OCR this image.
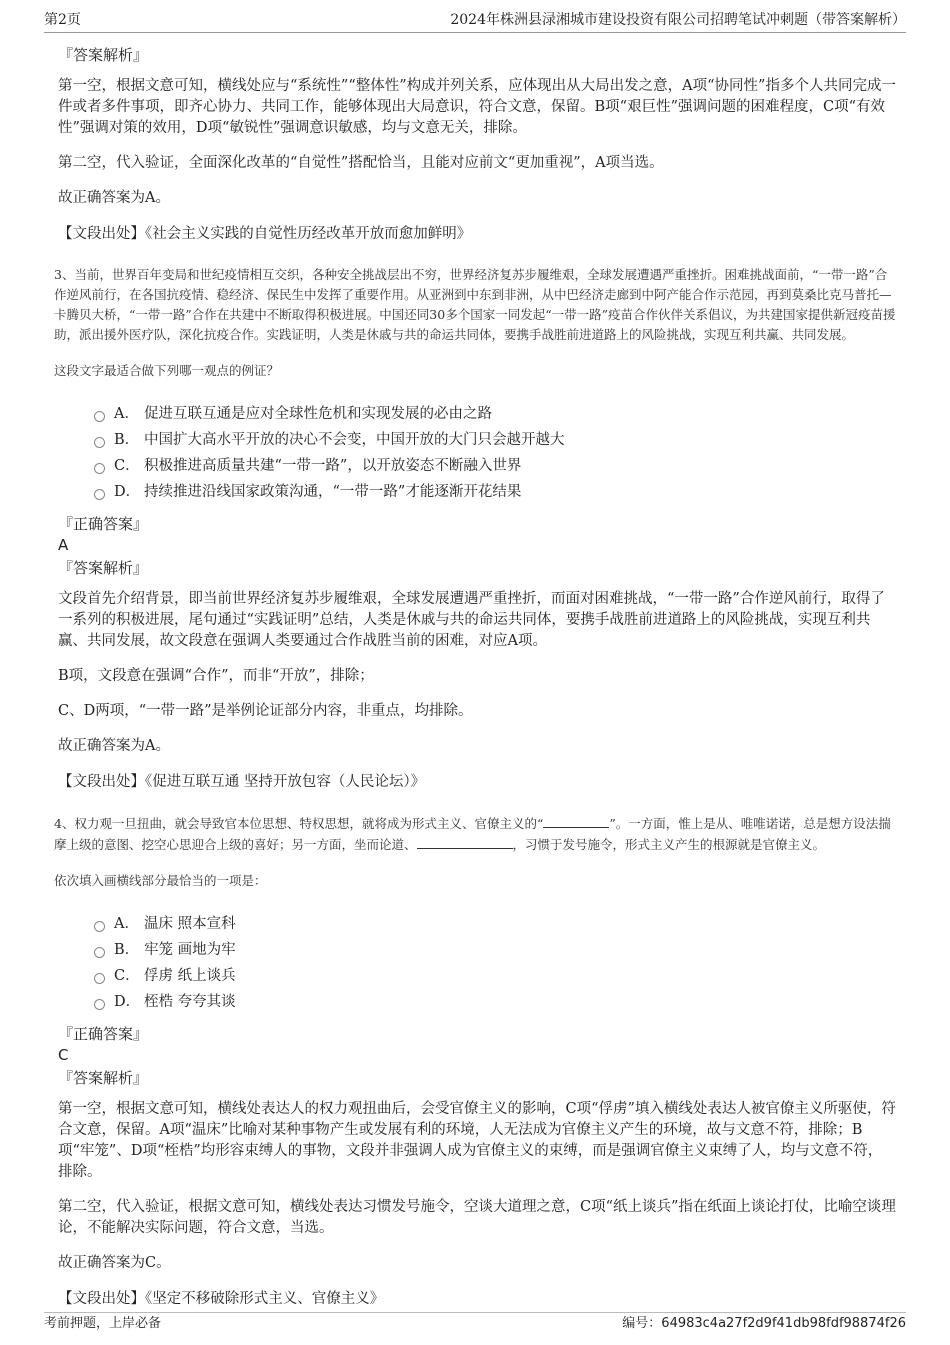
第2页	2024年株洲县渌湘城市建设投资有限公司招聘笔试冲刺题（带答案解析）
『答案解析』
第一空，根据文意可知，横线处应与“系统性”“整体性”构成并列关系，应体现出从大局出发之意，A项“协同性”指多个人共同完成一件或者多件事项，即齐心协力、共同工作，能够体现出大局意识，符合文意，保留。B项“艰巨性”强调问题的困难程度，C项“有效性”强调对策的效用，D项“敏锐性”强调意识敏感，均与文意无关，排除。
第二空，代入验证，全面深化改革的“自觉性”搭配恰当，且能对应前文“更加重视”，A项当选。
故正确答案为A。
【文段出处】《社会主义实践的自觉性历经改革开放而愈加鲜明》
3、当前，世界百年变局和世纪疫情相互交织，各种安全挑战层出不穷，世界经济复苏步履维艰，全球发展遭遇严重挫折。困难挑战面前，“一带一路”合作逆风前行，在各国抗疫情、稳经济、保民生中发挥了重要作用。从亚洲到中东到非洲，从中巴经济走廊到中阿产能合作示范园，再到莫桑比克马普托—卡腾贝大桥，“一带一路”合作在共建中不断取得积极进展。中国还同30多个国家一同发起“一带一路”疫苗合作伙伴关系倡议，为共建国家提供新冠疫苗援助，派出援外医疗队，深化抗疫合作。实践证明，人类是休戚与共的命运共同体，要携手战胜前进道路上的风险挑战，实现互利共赢、共同发展。
这段文字最适合做下列哪一观点的例证？
A． 促进互联互通是应对全球性危机和实现发展的必由之路
B． 中国扩大高水平开放的决心不会变，中国开放的大门只会越开越大
C． 积极推进高质量共建“一带一路”，以开放姿态不断融入世界
D． 持续推进沿线国家政策沟通，“一带一路”才能逐渐开花结果
『正确答案』
A
『答案解析』
文段首先介绍背景，即当前世界经济复苏步履维艰，全球发展遭遇严重挫折，而面对困难挑战，“一带一路”合作逆风前行，取得了一系列的积极进展，尾句通过“实践证明”总结，人类是休戚与共的命运共同体，要携手战胜前进道路上的风险挑战，实现互利共赢、共同发展，故文段意在强调人类要通过合作战胜当前的困难，对应A项。
B项，文段意在强调“合作”，而非“开放”，排除；
C、D两项，“一带一路”是举例论证部分内容，非重点，均排除。
故正确答案为A。
【文段出处】《促进互联互通 坚持开放包容（人民论坛）》
4、权力观一旦扭曲，就会导致官本位思想、特权思想，就将成为形式主义、官僚主义的“	”。一方面，惟上是从、唯唯诺诺，总是想方设法揣摩上级的意图、挖空心思迎合上级的喜好；另一方面，坐而论道、	，习惯于发号施令，形式主义产生的根源就是官僚主义。
依次填入画横线部分最恰当的一项是：
A． 温床 照本宣科
B． 牢笼 画地为牢
C． 俘虏 纸上谈兵
D． 桎梏 夸夸其谈
『正确答案』
C
『答案解析』
第一空，根据文意可知，横线处表达人的权力观扭曲后，会受官僚主义的影响，C项“俘虏”填入横线处表达人被官僚主义所驱使，符合文意，保留。A项“温床”比喻对某种事物产生或发展有利的环境，人无法成为官僚主义产生的环境，故与文意不符，排除；B项“牢笼”、D项“桎梏”均形容束缚人的事物，文段并非强调人成为官僚主义的束缚，而是强调官僚主义束缚了人，均与文意不符，排除。
第二空，代入验证，根据文意可知，横线处表达习惯发号施令，空谈大道理之意，C项“纸上谈兵”指在纸面上谈论打仗，比喻空谈理论，不能解决实际问题，符合文意，当选。
故正确答案为C。
【文段出处】《坚定不移破除形式主义、官僚主义》
考前押题，上岸必备	编号：64983c4a27f2d9f41db98fdf98874f26
